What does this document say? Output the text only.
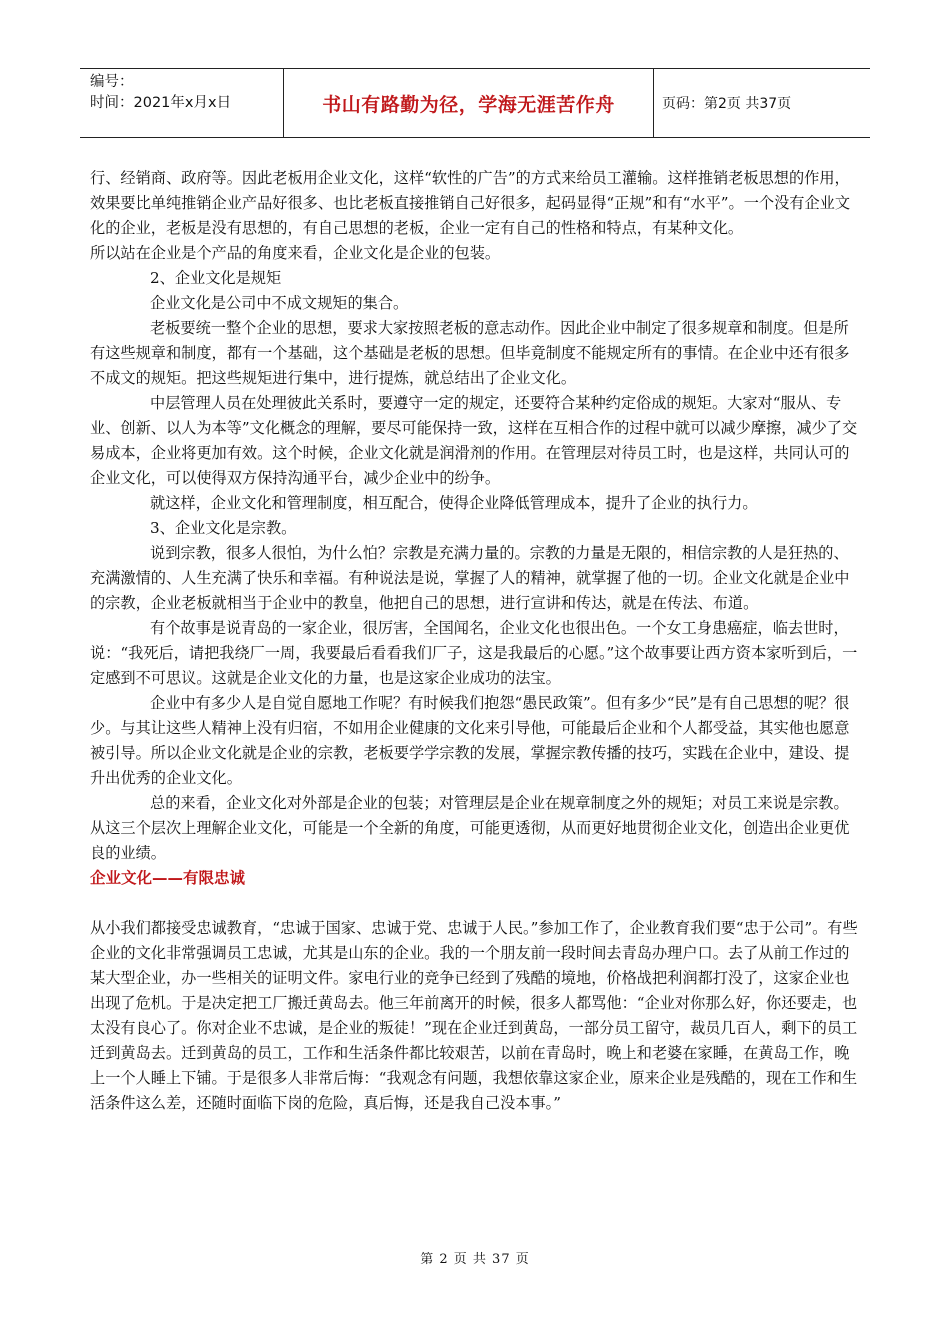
编号：
时间：2021年x月x日	书山有路勤为径，学海无涯苦作舟	页码：第2页 共37页

行、经销商、政府等。因此老板用企业文化，这样“软性的广告”的方式来给员工灌输。这样推销老板思想的作用，效果要比单纯推销企业产品好很多、也比老板直接推销自己好很多，起码显得“正规”和有“水平”。一个没有企业文化的企业，老板是没有思想的，有自己思想的老板，企业一定有自己的性格和特点，有某种文化。

所以站在企业是个产品的角度来看，企业文化是企业的包装。

2、企业文化是规矩

企业文化是公司中不成文规矩的集合。

老板要统一整个企业的思想，要求大家按照老板的意志动作。因此企业中制定了很多规章和制度。但是所有这些规章和制度，都有一个基础，这个基础是老板的思想。但毕竟制度不能规定所有的事情。在企业中还有很多不成文的规矩。把这些规矩进行集中，进行提炼，就总结出了企业文化。

中层管理人员在处理彼此关系时，要遵守一定的规定，还要符合某种约定俗成的规矩。大家对“服从、专业、创新、以人为本等”文化概念的理解，要尽可能保持一致，这样在互相合作的过程中就可以减少摩擦，减少了交易成本，企业将更加有效。这个时候，企业文化就是润滑剂的作用。在管理层对待员工时，也是这样，共同认可的企业文化，可以使得双方保持沟通平台，减少企业中的纷争。

就这样，企业文化和管理制度，相互配合，使得企业降低管理成本，提升了企业的执行力。

3、企业文化是宗教。

说到宗教，很多人很怕，为什么怕？宗教是充满力量的。宗教的力量是无限的，相信宗教的人是狂热的、充满激情的、人生充满了快乐和幸福。有种说法是说，掌握了人的精神，就掌握了他的一切。企业文化就是企业中的宗教，企业老板就相当于企业中的教皇，他把自己的思想，进行宣讲和传达，就是在传法、布道。

有个故事是说青岛的一家企业，很厉害，全国闻名，企业文化也很出色。一个女工身患癌症，临去世时，说：“我死后，请把我绕厂一周，我要最后看看我们厂子，这是我最后的心愿。”这个故事要让西方资本家听到后，一定感到不可思议。这就是企业文化的力量，也是这家企业成功的法宝。

企业中有多少人是自觉自愿地工作呢？有时候我们抱怨“愚民政策”。但有多少“民”是有自己思想的呢？很少。与其让这些人精神上没有归宿，不如用企业健康的文化来引导他，可能最后企业和个人都受益，其实他也愿意被引导。所以企业文化就是企业的宗教，老板要学学宗教的发展，掌握宗教传播的技巧，实践在企业中，建设、提升出优秀的企业文化。

总的来看，企业文化对外部是企业的包装；对管理层是企业在规章制度之外的规矩；对员工来说是宗教。从这三个层次上理解企业文化，可能是一个全新的角度，可能更透彻，从而更好地贯彻企业文化，创造出企业更优良的业绩。

企业文化——有限忠诚

从小我们都接受忠诚教育，“忠诚于国家、忠诚于党、忠诚于人民。”参加工作了，企业教育我们要“忠于公司”。有些企业的文化非常强调员工忠诚，尤其是山东的企业。我的一个朋友前一段时间去青岛办理户口。去了从前工作过的某大型企业，办一些相关的证明文件。家电行业的竞争已经到了残酷的境地，价格战把利润都打没了，这家企业也出现了危机。于是决定把工厂搬迁黄岛去。他三年前离开的时候，很多人都骂他：“企业对你那么好，你还要走，也太没有良心了。你对企业不忠诚，是企业的叛徒！”现在企业迁到黄岛，一部分员工留守，裁员几百人，剩下的员工迁到黄岛去。迁到黄岛的员工，工作和生活条件都比较艰苦，以前在青岛时，晚上和老婆在家睡，在黄岛工作，晚上一个人睡上下铺。于是很多人非常后悔：“我观念有问题，我想依靠这家企业，原来企业是残酷的，现在工作和生活条件这么差，还随时面临下岗的危险，真后悔，还是我自己没本事。”

第 2 页 共 37 页
